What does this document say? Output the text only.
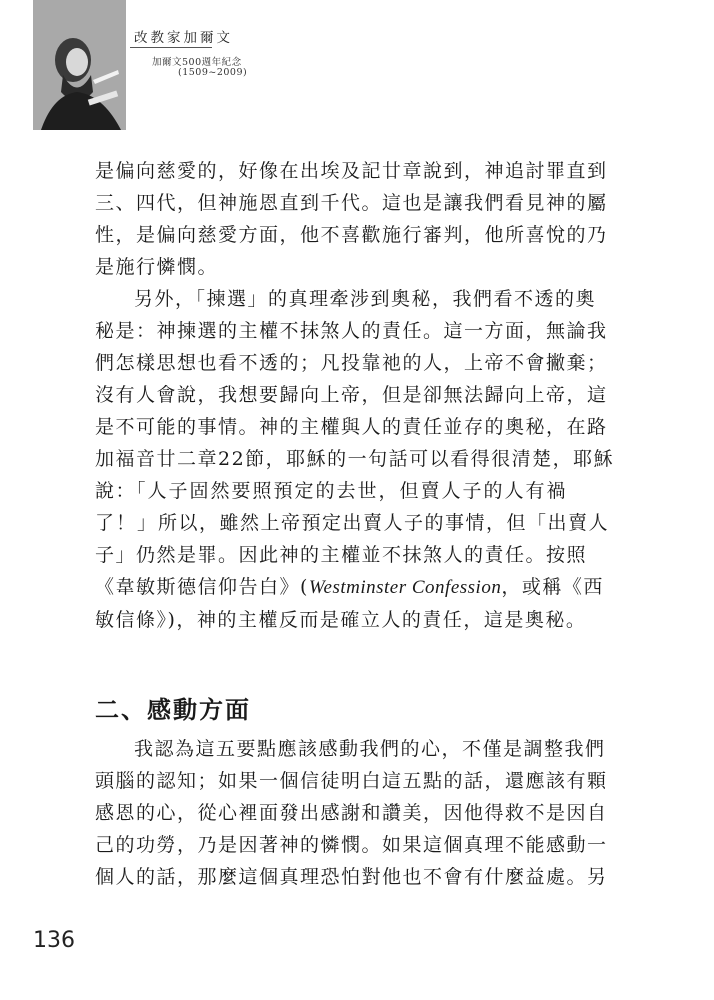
改教家加爾文
加爾文500週年紀念
(1509~2009)

是偏向慈愛的，好像在出埃及記廿章說到，神追討罪直到三、四代，但神施恩直到千代。這也是讓我們看見神的屬性，是偏向慈愛方面，他不喜歡施行審判，他所喜悅的乃是施行憐憫。

另外，「揀選」的真理牽涉到奧秘，我們看不透的奧秘是：神揀選的主權不抹煞人的責任。這一方面，無論我們怎樣思想也看不透的；凡投靠祂的人，上帝不會撇棄；沒有人會說，我想要歸向上帝，但是卻無法歸向上帝，這是不可能的事情。神的主權與人的責任並存的奧秘，在路加福音廿二章22節，耶穌的一句話可以看得很清楚，耶穌說：「人子固然要照預定的去世，但賣人子的人有禍了！」所以，雖然上帝預定出賣人子的事情，但「出賣人子」仍然是罪。因此神的主權並不抹煞人的責任。按照《韋敏斯德信仰告白》(Westminster Confession，或稱《西敏信條》)，神的主權反而是確立人的責任，這是奧秘。

二、感動方面

我認為這五要點應該感動我們的心，不僅是調整我們頭腦的認知；如果一個信徒明白這五點的話，還應該有顆感恩的心，從心裡面發出感謝和讚美，因他得救不是因自己的功勞，乃是因著神的憐憫。如果這個真理不能感動一個人的話，那麼這個真理恐怕對他也不會有什麼益處。另

136
